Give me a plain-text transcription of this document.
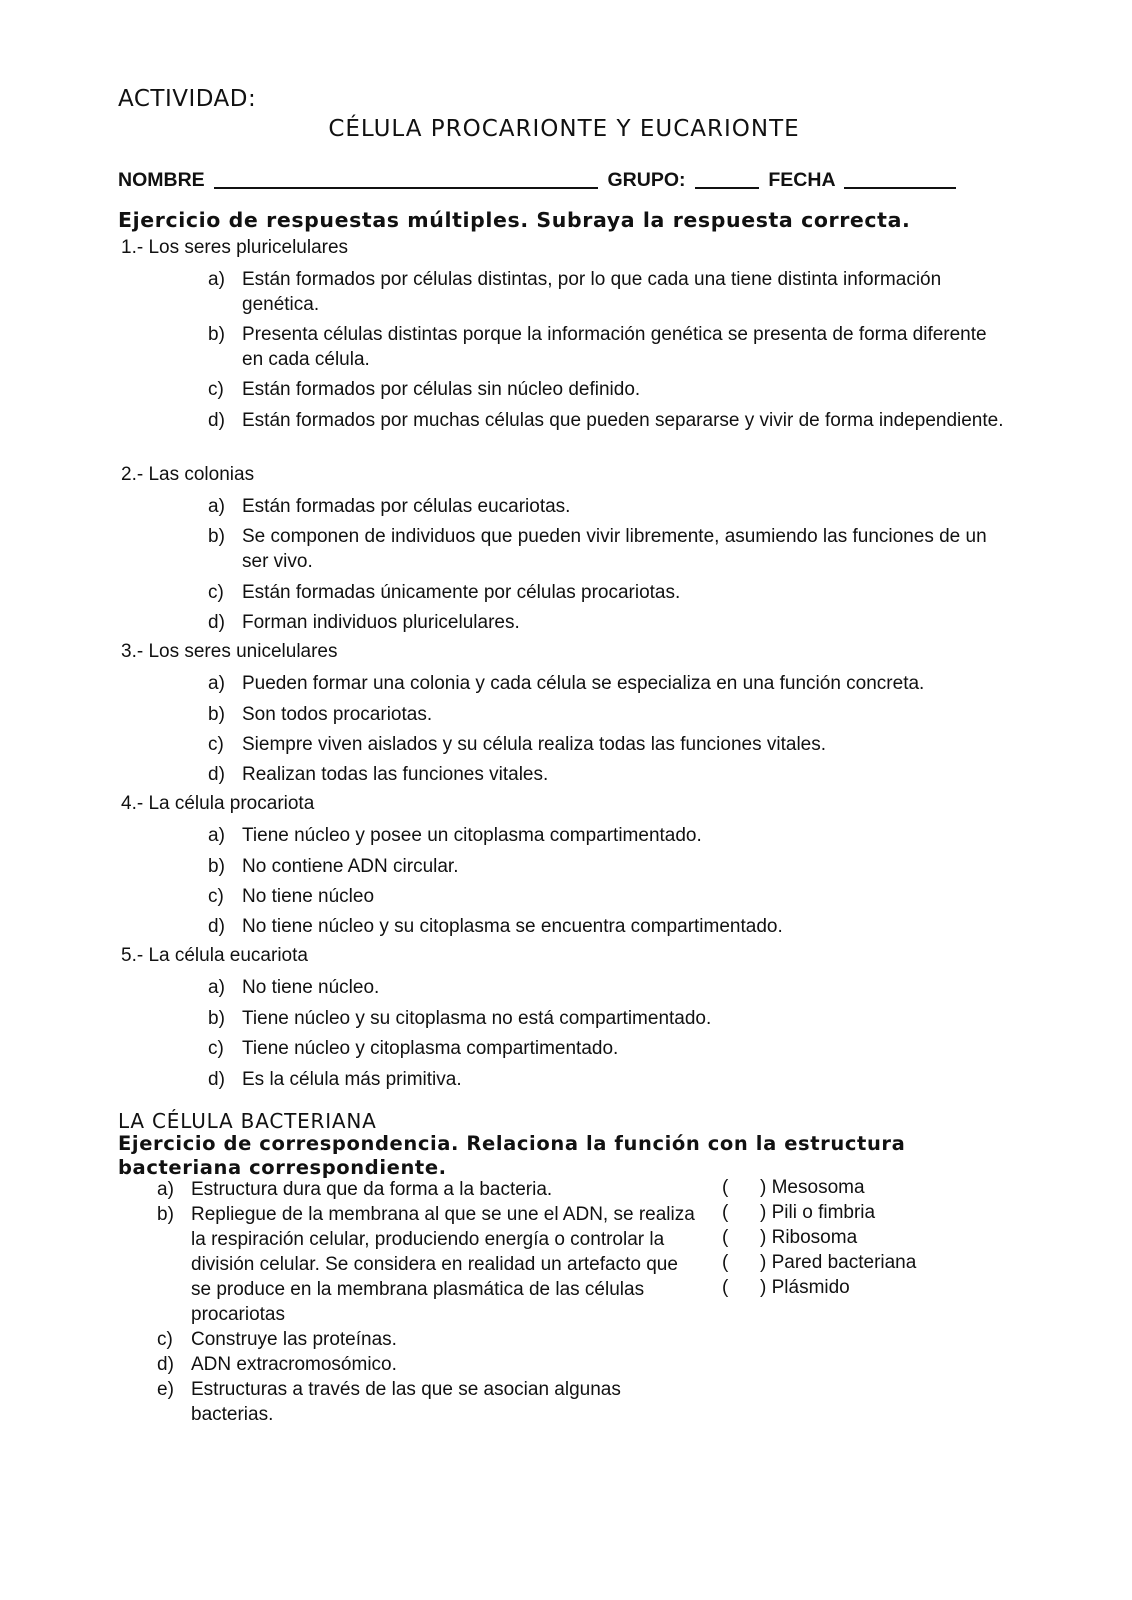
ACTIVIDAD:
CÉLULA PROCARIONTE Y EUCARIONTE
NOMBRE	GRUPO:	FECHA
Ejercicio de respuestas múltiples. Subraya la respuesta correcta.
1.- Los seres pluricelulares
a) Están formados por células distintas, por lo que cada una tiene distinta información genética.
b) Presenta células distintas porque la información genética se presenta de forma diferente en cada célula.
c) Están formados por células sin núcleo definido.
d) Están formados por muchas células que pueden separarse y vivir de forma independiente.
2.- Las colonias
a) Están formadas por células eucariotas.
b) Se componen de individuos que pueden vivir libremente, asumiendo las funciones de un ser vivo.
c) Están formadas únicamente por células procariotas.
d) Forman individuos pluricelulares.
3.- Los seres unicelulares
a) Pueden formar una colonia y cada célula se especializa en una función concreta.
b) Son todos procariotas.
c) Siempre viven aislados y su célula realiza todas las funciones vitales.
d) Realizan todas las funciones vitales.
4.- La célula procariota
a) Tiene núcleo y posee un citoplasma compartimentado.
b) No contiene ADN circular.
c) No tiene núcleo
d) No tiene núcleo y su citoplasma se encuentra compartimentado.
5.- La célula eucariota
a) No tiene núcleo.
b) Tiene núcleo y su citoplasma no está compartimentado.
c) Tiene núcleo y citoplasma compartimentado.
d) Es la célula más primitiva.
LA CÉLULA BACTERIANA
Ejercicio de correspondencia. Relaciona la función con la estructura bacteriana correspondiente.
a) Estructura dura que da forma a la bacteria.
b) Repliegue de la membrana al que se une el ADN, se realiza la respiración celular, produciendo energía o controlar la división celular. Se considera en realidad un artefacto que se produce en la membrana plasmática de las células procariotas
c) Construye las proteínas.
d) ADN extracromosómico.
e) Estructuras a través de las que se asocian algunas bacterias.
( ) Mesosoma
( ) Pili o fimbria
( ) Ribosoma
( ) Pared bacteriana
( ) Plásmido
